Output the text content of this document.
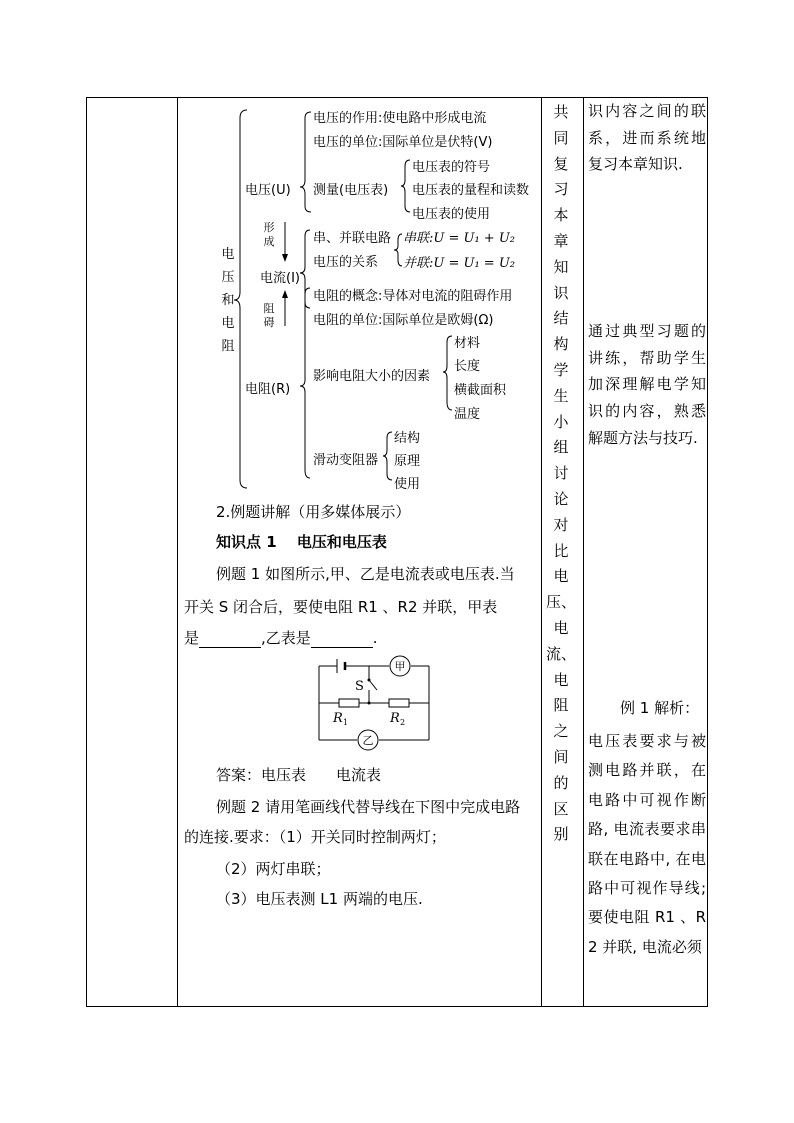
电
压
和
电
阻
电压(U)
电压的作用:使电路中形成电流
电压的单位:国际单位是伏特(V)
测量(电压表)
电压表的符号
电压表的量程和读数
电压表的使用
形
成
电流(I)
串、并联电路
电压的关系
串联:U = U₁ + U₂
并联:U = U₁ = U₂
阻
碍
电阻(R)
电阻的概念:导体对电流的阻碍作用
电阻的单位:国际单位是欧姆(Ω)
影响电阻大小的因素
材料
长度
横截面积
温度
滑动变阻器
结构
原理
使用
2.例题讲解（用多媒体展示）
知识点 1　 电压和电压表
例题 1 如图所示,甲、乙是电流表或电压表.当
开关 S 闭合后，要使电阻 R1 、R2 并联，甲表
是	,乙表是	.
甲
乙
S
R 1	R 2
答案：电压表　　电流表
例题 2 请用笔画线代替导线在下图中完成电路
的连接.要求：（1）开关同时控制两灯；
（2）两灯串联；
（3）电压表测 L1 两端的电压.
共
同
复
习
本
章
知
识
结
构
学
生
小
组
讨
论
对
比
电
压、
电
流、
电
阻
之
间
的
区
别
识内容之间的联系，进而系统地复习本章知识.
通过典型习题的讲练，帮助学生加深理解电学知识的内容，熟悉解题方法与技巧.
例 1 解析：
电压表要求与被测电路并联，在电路中可视作断路, 电流表要求串联在电路中, 在电路中可视作导线; 要使电阻 R1 、R2 并联, 电流必须
